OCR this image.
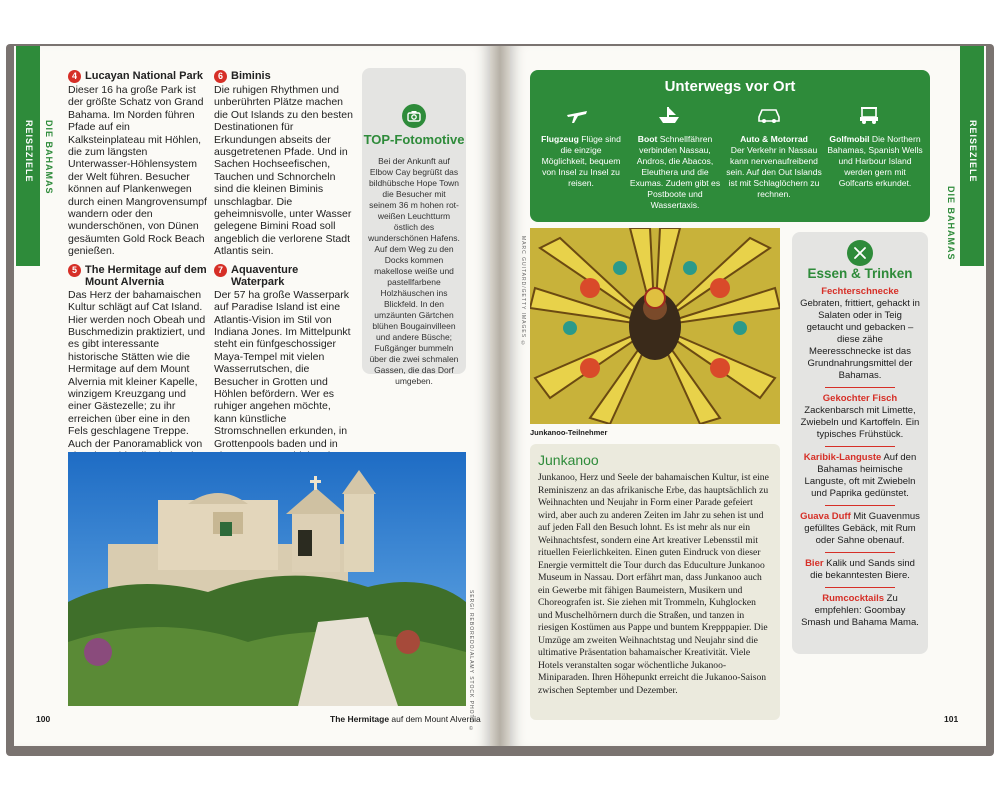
REISEZIELE DIE BAHAMAS
4 Lucayan National Park
Dieser 16 ha große Park ist der größte Schatz von Grand Bahama. Im Norden führen Pfade auf ein Kalksteinplateau mit Höhlen, die zum längsten Unterwasser-Höhlensystem der Welt führen. Besucher können auf Plankenwegen durch einen Mangrovensumpf wandern oder den wunderschönen, von Dünen gesäumten Gold Rock Beach genießen.
5 The Hermitage auf dem Mount Alvernia
Das Herz der bahamaischen Kultur schlägt auf Cat Island. Hier werden noch Obeah und Buschmedizin praktiziert, und es gibt interessante historische Stätten wie die Hermitage auf dem Mount Alvernia mit kleiner Kapelle, winzigem Kreuzgang und einer Gästezelle; zu ihr erreichen über eine in den Fels geschlagene Treppe. Auch der Panoramablick von
6 Biminis
Die ruhigen Rhythmen und unberührten Plätze machen die Out Islands zu den besten Destinationen für Erkundungen abseits der ausgetretenen Pfade. Und in Sachen Hochseefischen, Tauchen und Schnorcheln sind die kleinen Biminis unschlagbar. Die geheimnisvolle, unter Wasser gelegene Bimini Road soll angeblich die verlorene Stadt Atlantis sein.
7 Aquaventure Waterpark
Der 57 ha große Wasserpark auf Paradise Island ist eine Atlantis-Vision im Stil von Indiana Jones. Im Mittelpunkt steht ein fünfgeschossiger Maya-Tempel mit vielen Wasserrutschen, die Besucher in Grotten und Höhlen befördern. Wer es ruhiger angehen möchte, kann künstliche Stromschnellen erkunden, in Grottenpools baden und in
TOP-Fotomotive
Bei der Ankunft auf Elbow Cay begrüßt das bildhübsche Hope Town die Besucher mit seinem 36 m hohen rot-weißen Leuchtturm östlich des wunderschönen Hafens. Auf dem Weg zu den Docks kommen makellose weiße und pastellfarbene Holzhäuschen ins Blickfeld. In den umzäunten Gärtchen blühen Bougainvilleen und andere Büsche; Fußgänger bummeln über die zwei schmalen Gassen, die das Dorf umgeben.
SERGI REBOREDO/ALAMY STOCK PHOTO ©
100	The Hermitage auf dem Mount Alvernia
Unterwegs vor Ort
Flugzeug Flüge sind die einzige Möglichkeit, bequem von Insel zu Insel zu reisen.
Boot Schnellfähren verbinden Nassau, Andros, die Abacos, Eleuthera und die Exumas. Zudem gibt es Postboote und Wassertaxis.
Auto & Motorrad
Der Verkehr in Nassau kann nervenaufreibend sein. Auf den Out Islands ist mit Schlaglöchern zu rechnen.
Golfmobil Die Northern Bahamas, Spanish Wells und Harbour Island werden gern mit Golfcarts erkundet.
MARC GUITARD/GETTY IMAGES ©
Junkanoo-Teilnehmer
Junkanoo
Junkanoo, Herz und Seele der bahamaischen Kultur, ist eine Reminiszenz an das afrikanische Erbe, das hauptsächlich zu Weihnachten und Neujahr in Form einer Parade gefeiert wird, aber auch zu anderen Zeiten im Jahr zu sehen ist und auf jeden Fall den Besuch lohnt. Es ist mehr als nur ein Weihnachtsfest, sondern eine Art kreativer Lebensstil mit rituellen Feierlichkeiten. Einen guten Eindruck von dieser Energie vermittelt die Tour durch das Educulture Junkanoo Museum in Nassau. Dort erfährt man, dass Junkanoo auch ein Gewerbe mit fähigen Baumeistern, Musikern und Choreografen ist. Sie ziehen mit Trommeln, Kuhglocken und Muschelhörnern durch die Straßen, und tanzen in riesigen Kostümen aus Pappe und buntem Krepppapier. Die Umzüge am zweiten Weihnachtstag und Neujahr sind die ultimative Präsentation bahamaischer Kreativität. Viele Hotels veranstalten sogar wöchentliche Jukanoo-Miniparaden. Ihren Höhepunkt erreicht die Jukanoo-Saison zwischen September und Dezember.
Essen & Trinken
Fechterschnecke
Gebraten, frittiert, gehackt in Salaten oder in Teig getaucht und gebacken – diese zähe Meeresschnecke ist das Grundnahrungsmittel der Bahamas.
Gekochter Fisch
Zackenbarsch mit Limette, Zwiebeln und Kartoffeln. Ein typisches Frühstück.
Karibik-Languste Auf den Bahamas heimische Languste, oft mit Zwiebeln und Paprika gedünstet.
Guava Duff Mit Guavenmus gefülltes Gebäck, mit Rum oder Sahne obenauf.
Bier Kalik und Sands sind die bekanntesten Biere.
Rumcocktails Zu empfehlen: Goombay Smash und Bahama Mama.
REISEZIELE
DIE BAHAMAS
101
